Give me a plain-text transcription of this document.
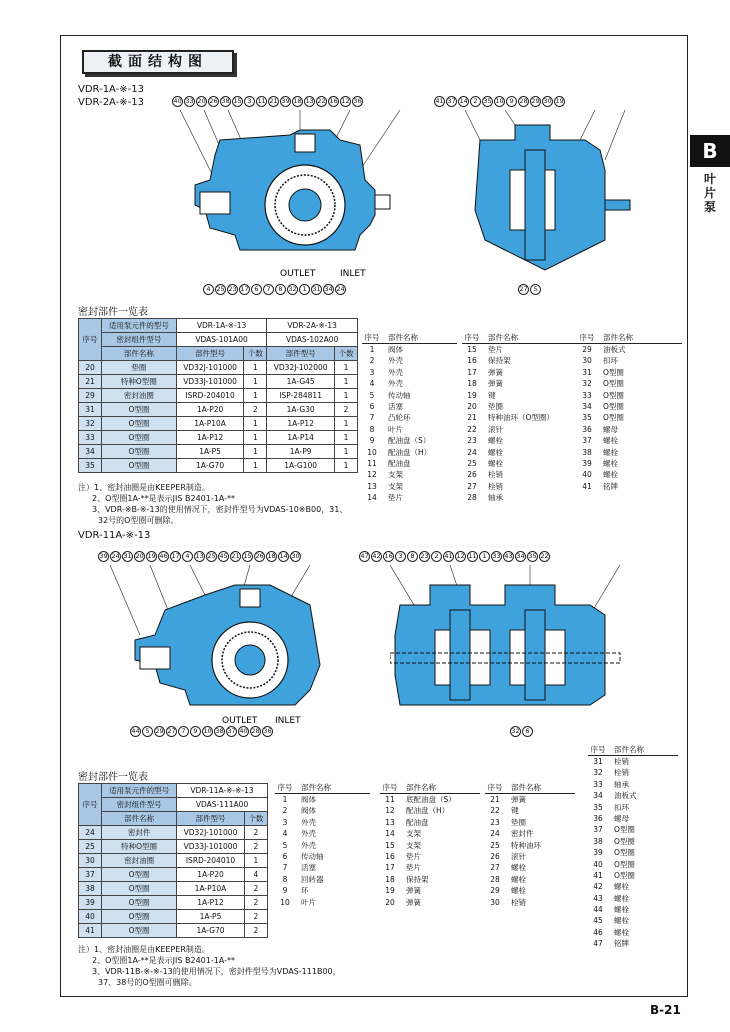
B
叶片泵
截面结构图
VDR-1A-※-13
VDR-2A-※-13	40 33 20 26 38 15 3 11 21 39 18 13 22 16 12 36	41 37 14 2 35 10 9 28 29 30 19
4 25 23 17 6	7	8 32 1 31 34 24	27 5
OUTLET	INLET
密封部件一览表
序号	适用泵元件的型号	VDR-1A-※-13		VDR-2A-※-13	
	密封组件型号	VDAS-101A00		VDAS-102A00	
	部件名称	部件型号	个数	部件型号	个数
20	垫圈	VD32J-101000	1	VD32J-102000	1
21	特种O型圈	VD33J-101000	1	1A-G45	1
29	密封油圈	ISRD-204010	1	ISP-284811	1
31	O型圈	1A-P20	2	1A-G30	2
32	O型圈	1A-P10A	1	1A-P12	1
33	O型圈	1A-P12	1	1A-P14	1
34	O型圈	1A-P5	1	1A-P9	1
35	O型圈	1A-G70	1	1A-G100	1
注）1、密封油圈是由KEEPER制造。
2、O型圈1A-**是表示JIS B2401-1A-**
3、VDR-※B-※-13的使用情况下，密封件型号为VDAS-10※B00，31、
32号的O型圈可删除。
序号	部件名称
1	阀体
2	外壳
3	外壳
4	外壳
5	传动轴
6	活塞
7	凸轮环
8	叶片
9	配油盘（S）
10	配油盘（H）
11	配油盘
12	支架
13	支架
14	垫片
序号	部件名称
15	垫片
16	保持架
17	弹簧
18	弹簧
19	键
20	垫圈
21	特种油环（O型圈）
22	滚针
23	螺栓
24	螺栓
25	螺栓
26	栓销
27	栓销
28	轴承
序号	部件名称
29	油板式
30	扣环
31	O型圈
32	O型圈
33	O型圈
34	O型圈
35	O型圈
36	螺母
37	螺栓
38	螺栓
39	螺栓
40	螺栓
41	铭牌
VDR-11A-※-13
39 24 31 20 19 46 17 4 13 25 45 21 15 26 18 14 30	47 42 16 3	8 23 2 41 12 11 1 33 43 34 35 22
44 5 29 27 7	9 10 38 37 40 28 36	32 6
OUTLET INLET
密封部件一览表
序号	适用泵元件的型号	VDR-11A-※-※-13	
	密封组件型号	VDAS-111A00	
	部件名称	部件型号	个数
24	密封件	VD32J-101000	2
25	特种O型圈	VD33J-101000	2
30	密封油圈	ISRD-204010	1
37	O型圈	1A-P20	4
38	O型圈	1A-P10A	2
39	O型圈	1A-P12	2
40	O型圈	1A-P5	2
41	O型圈	1A-G70	2
注）1、密封油圈是由KEEPER制造。
2、O型圈1A-**是表示JIS B2401-1A-**
3、VDR-11B-※-※-13的使用情况下，密封件型号为VDAS-111B00，
37、38号的O型圈可删除。
序号	部件名称
1	阀体
2	阀体
3	外壳
4	外壳
5	外壳
6	传动轴
7	活塞
8	回转器
9	环
10	叶片
序号	部件名称
11	底配油盘（S）
12	配油盘（H）
13	配油盘
14	支架
15	支架
16	垫片
17	垫片
18	保持架
19	弹簧
20	弹簧
序号	部件名称
21	弹簧
22	键
23	垫圈
24	密封件
25	特种油环
26	滚针
27	螺栓
28	螺栓
29	螺栓
30	栓销
序号	部件名称
31	栓销
32	栓销
33	轴承
34	油板式
35	扣环
36	螺母
37	O型圈
38	O型圈
39	O型圈
40	O型圈
41	O型圈
42	螺栓
43	螺栓
44	螺栓
45	螺栓
46	螺栓
47	铭牌
B-21
